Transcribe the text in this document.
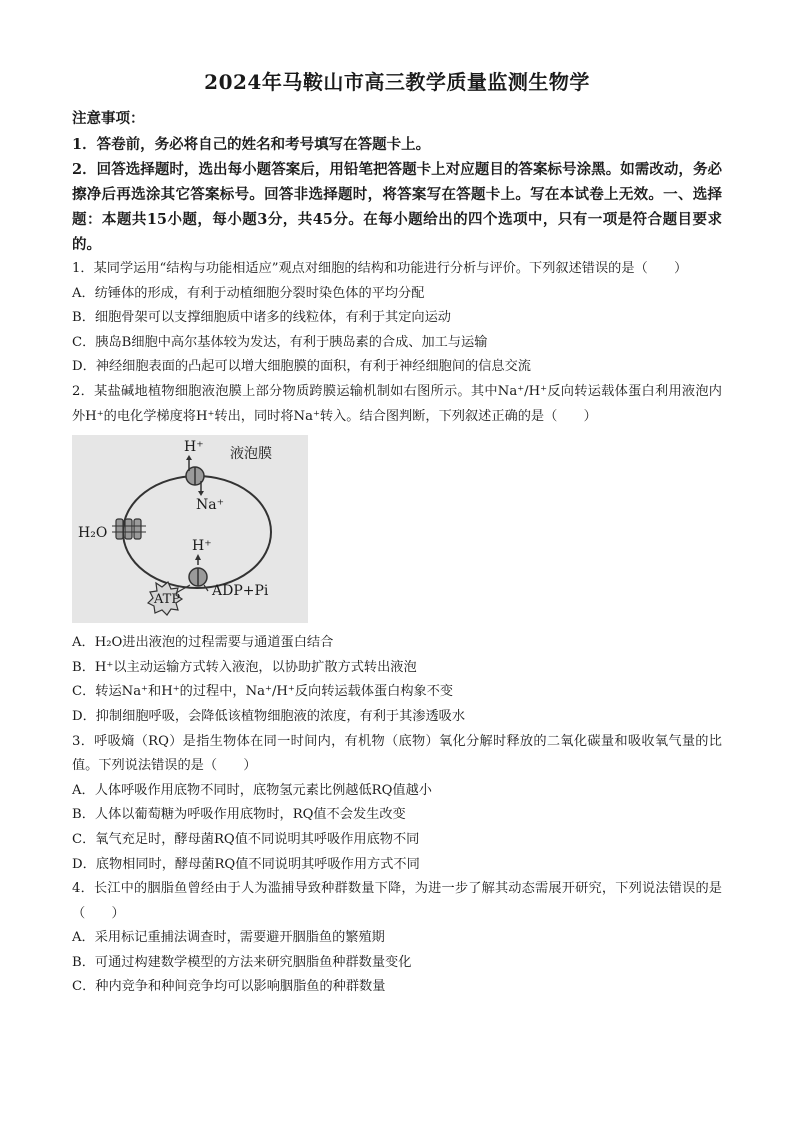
2024年马鞍山市高三教学质量监测生物学

注意事项：

1．答卷前，务必将自己的姓名和考号填写在答题卡上。

2．回答选择题时，选出每小题答案后，用铅笔把答题卡上对应题目的答案标号涂黑。如需改动，务必擦净后再选涂其它答案标号。回答非选择题时，将答案写在答题卡上。写在本试卷上无效。一、选择题：本题共15小题，每小题3分，共45分。在每小题给出的四个选项中，只有一项是符合题目要求的。

1．某同学运用“结构与功能相适应”观点对细胞的结构和功能进行分析与评价。下列叙述错误的是（　　）

A．纺锤体的形成，有利于动植细胞分裂时染色体的平均分配

B．细胞骨架可以支撑细胞质中诸多的线粒体，有利于其定向运动

C．胰岛B细胞中高尔基体较为发达，有利于胰岛素的合成、加工与运输

D．神经细胞表面的凸起可以增大细胞膜的面积，有利于神经细胞间的信息交流

2．某盐碱地植物细胞液泡膜上部分物质跨膜运输机制如右图所示。其中Na⁺/H⁺反向转运载体蛋白利用液泡内外H⁺的电化学梯度将H⁺转出，同时将Na⁺转入。结合图判断，下列叙述正确的是（　　）

H⁺
Na⁺
液泡膜
H₂O
H⁺
ATP
ADP+Pi

A．H₂O进出液泡的过程需要与通道蛋白结合

B．H⁺以主动运输方式转入液泡，以协助扩散方式转出液泡

C．转运Na⁺和H⁺的过程中，Na⁺/H⁺反向转运载体蛋白构象不变

D．抑制细胞呼吸，会降低该植物细胞液的浓度，有利于其渗透吸水

3．呼吸熵（RQ）是指生物体在同一时间内，有机物（底物）氧化分解时释放的二氧化碳量和吸收氧气量的比值。下列说法错误的是（　　）

A．人体呼吸作用底物不同时，底物氢元素比例越低RQ值越小

B．人体以葡萄糖为呼吸作用底物时，RQ值不会发生改变

C．氧气充足时，酵母菌RQ值不同说明其呼吸作用底物不同

D．底物相同时，酵母菌RQ值不同说明其呼吸作用方式不同

4．长江中的胭脂鱼曾经由于人为滥捕导致种群数量下降，为进一步了解其动态需展开研究，下列说法错误的是（　　）

A．采用标记重捕法调查时，需要避开胭脂鱼的繁殖期

B．可通过构建数学模型的方法来研究胭脂鱼种群数量变化

C．种内竞争和种间竞争均可以影响胭脂鱼的种群数量
